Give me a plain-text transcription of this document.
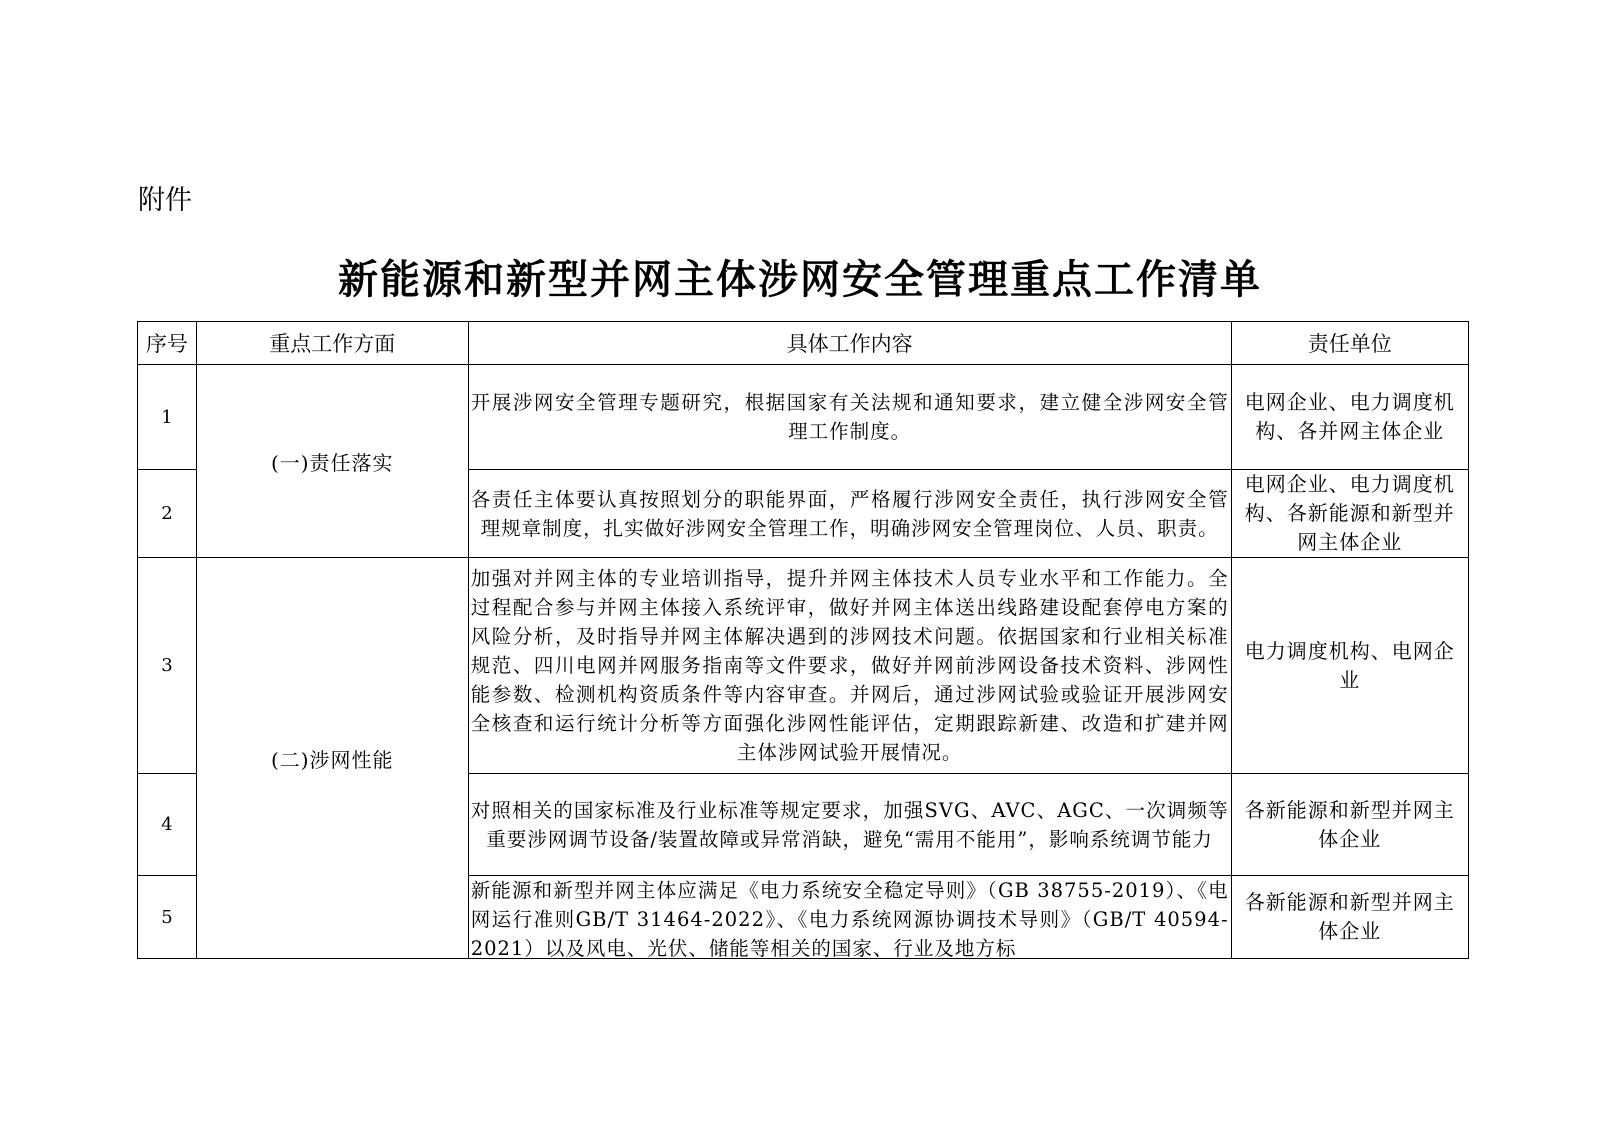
附件
新能源和新型并网主体涉网安全管理重点工作清单
序号	重点工作方面	具体工作内容	责任单位
1	(一)责任落实	开展涉网安全管理专题研究，根据国家有关法规和通知要求，建立健全涉网安全管理工作制度。	电网企业、电力调度机构、各并网主体企业
2		各责任主体要认真按照划分的职能界面，严格履行涉网安全责任，执行涉网安全管理规章制度，扎实做好涉网安全管理工作，明确涉网安全管理岗位、人员、职责。	电网企业、电力调度机构、各新能源和新型并网主体企业
3	(二)涉网性能	加强对并网主体的专业培训指导，提升并网主体技术人员专业水平和工作能力。全过程配合参与并网主体接入系统评审，做好并网主体送出线路建设配套停电方案的风险分析，及时指导并网主体解决遇到的涉网技术问题。依据国家和行业相关标准规范、四川电网并网服务指南等文件要求，做好并网前涉网设备技术资料、涉网性能参数、检测机构资质条件等内容审查。并网后，通过涉网试验或验证开展涉网安全核查和运行统计分析等方面强化涉网性能评估，定期跟踪新建、改造和扩建并网主体涉网试验开展情况。	电力调度机构、电网企业
4		对照相关的国家标准及行业标准等规定要求，加强SVG、AVC、AGC、一次调频等重要涉网调节设备/装置故障或异常消缺，避免“需用不能用”，影响系统调节能力	各新能源和新型并网主体企业
5		新能源和新型并网主体应满足《电力系统安全稳定导则》（GB 38755-2019）、《电网运行准则GB/T 31464-2022》、《电力系统网源协调技术导则》（GB/T 40594-2021）以及风电、光伏、储能等相关的国家、行业及地方标	各新能源和新型并网主体企业
